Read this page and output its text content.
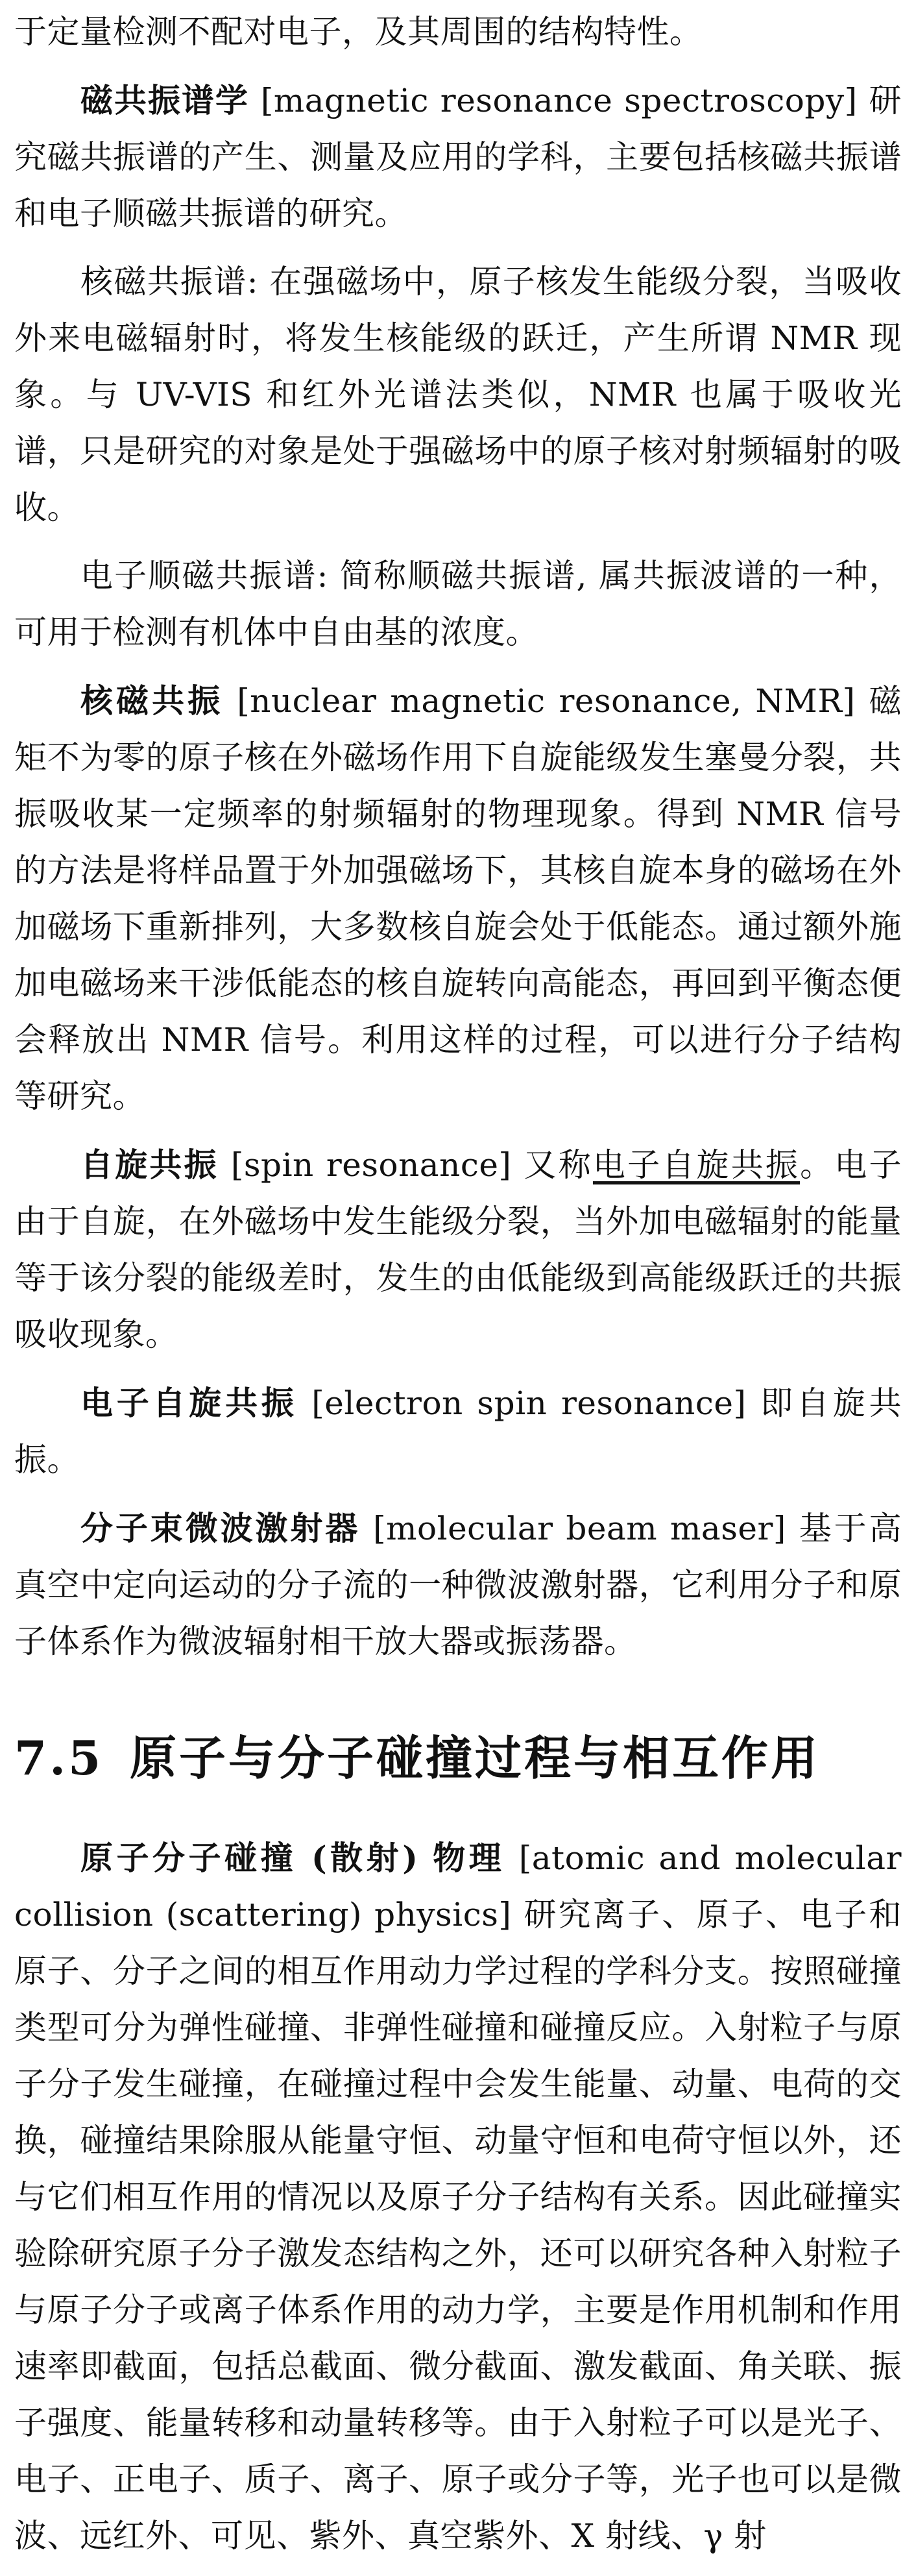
于定量检测不配对电子，及其周围的结构特性。

磁共振谱学 [magnetic resonance spectroscopy] 研究磁共振谱的产生、测量及应用的学科，主要包括核磁共振谱和电子顺磁共振谱的研究。

核磁共振谱: 在强磁场中，原子核发生能级分裂，当吸收外来电磁辐射时，将发生核能级的跃迁，产生所谓 NMR 现象。与 UV-VIS 和红外光谱法类似，NMR 也属于吸收光谱，只是研究的对象是处于强磁场中的原子核对射频辐射的吸收。

电子顺磁共振谱: 简称顺磁共振谱, 属共振波谱的一种，可用于检测有机体中自由基的浓度。

核磁共振 [nuclear magnetic resonance, NMR] 磁矩不为零的原子核在外磁场作用下自旋能级发生塞曼分裂，共振吸收某一定频率的射频辐射的物理现象。得到 NMR 信号的方法是将样品置于外加强磁场下，其核自旋本身的磁场在外加磁场下重新排列，大多数核自旋会处于低能态。通过额外施加电磁场来干涉低能态的核自旋转向高能态，再回到平衡态便会释放出 NMR 信号。利用这样的过程，可以进行分子结构等研究。

自旋共振 [spin resonance] 又称电子自旋共振。电子由于自旋，在外磁场中发生能级分裂，当外加电磁辐射的能量等于该分裂的能级差时，发生的由低能级到高能级跃迁的共振吸收现象。

电子自旋共振 [electron spin resonance] 即自旋共振。

分子束微波激射器 [molecular beam maser] 基于高真空中定向运动的分子流的一种微波激射器，它利用分子和原子体系作为微波辐射相干放大器或振荡器。

7.5 原子与分子碰撞过程与相互作用

原子分子碰撞 (散射) 物理 [atomic and molecular collision (scattering) physics] 研究离子、原子、电子和原子、分子之间的相互作用动力学过程的学科分支。按照碰撞类型可分为弹性碰撞、非弹性碰撞和碰撞反应。入射粒子与原子分子发生碰撞，在碰撞过程中会发生能量、动量、电荷的交换，碰撞结果除服从能量守恒、动量守恒和电荷守恒以外，还与它们相互作用的情况以及原子分子结构有关系。因此碰撞实验除研究原子分子激发态结构之外，还可以研究各种入射粒子与原子分子或离子体系作用的动力学，主要是作用机制和作用速率即截面，包括总截面、微分截面、激发截面、角关联、振子强度、能量转移和动量转移等。由于入射粒子可以是光子、电子、正电子、质子、离子、原子或分子等，光子也可以是微波、远红外、可见、紫外、真空紫外、X 射线、γ 射
